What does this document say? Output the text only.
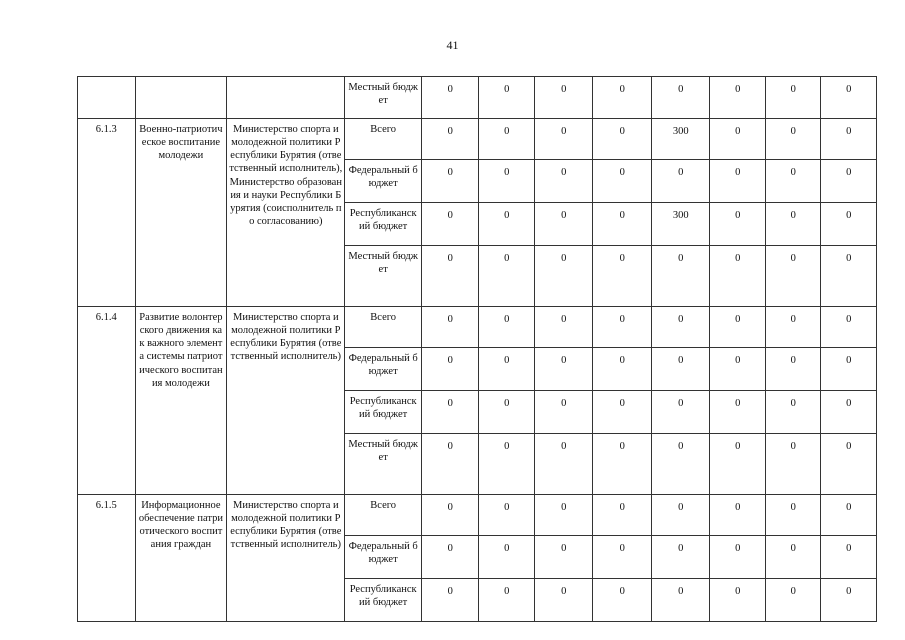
41
			Местный бюджет	0	0	0	0	0	0	0	0
6.1.3	Военно-патриотическое воспитание молодежи	Министерство спорта и молодежной политики Республики Бурятия (ответственный исполнитель), Министерство образования и науки Республики Бурятия (соисполнитель по согласованию)	Всего	0	0	0	0	300	0	0	0
			Федеральный бюджет	0	0	0	0	0	0	0	0
			Республиканский бюджет	0	0	0	0	300	0	0	0
			Местный бюджет	0	0	0	0	0	0	0	0
6.1.4	Развитие волонтерского движения как важного элемента системы патриотического воспитания молодежи	Министерство спорта и молодежной политики Республики Бурятия (ответственный исполнитель)	Всего	0	0	0	0	0	0	0	0
			Федеральный бюджет	0	0	0	0	0	0	0	0
			Республиканский бюджет	0	0	0	0	0	0	0	0
			Местный бюджет	0	0	0	0	0	0	0	0
6.1.5	Информационное обеспечение патриотического воспитания граждан	Министерство спорта и молодежной политики Республики Бурятия (ответственный исполнитель)	Всего	0	0	0	0	0	0	0	0
			Федеральный бюджет	0	0	0	0	0	0	0	0
			Республиканский бюджет	0	0	0	0	0	0	0	0
